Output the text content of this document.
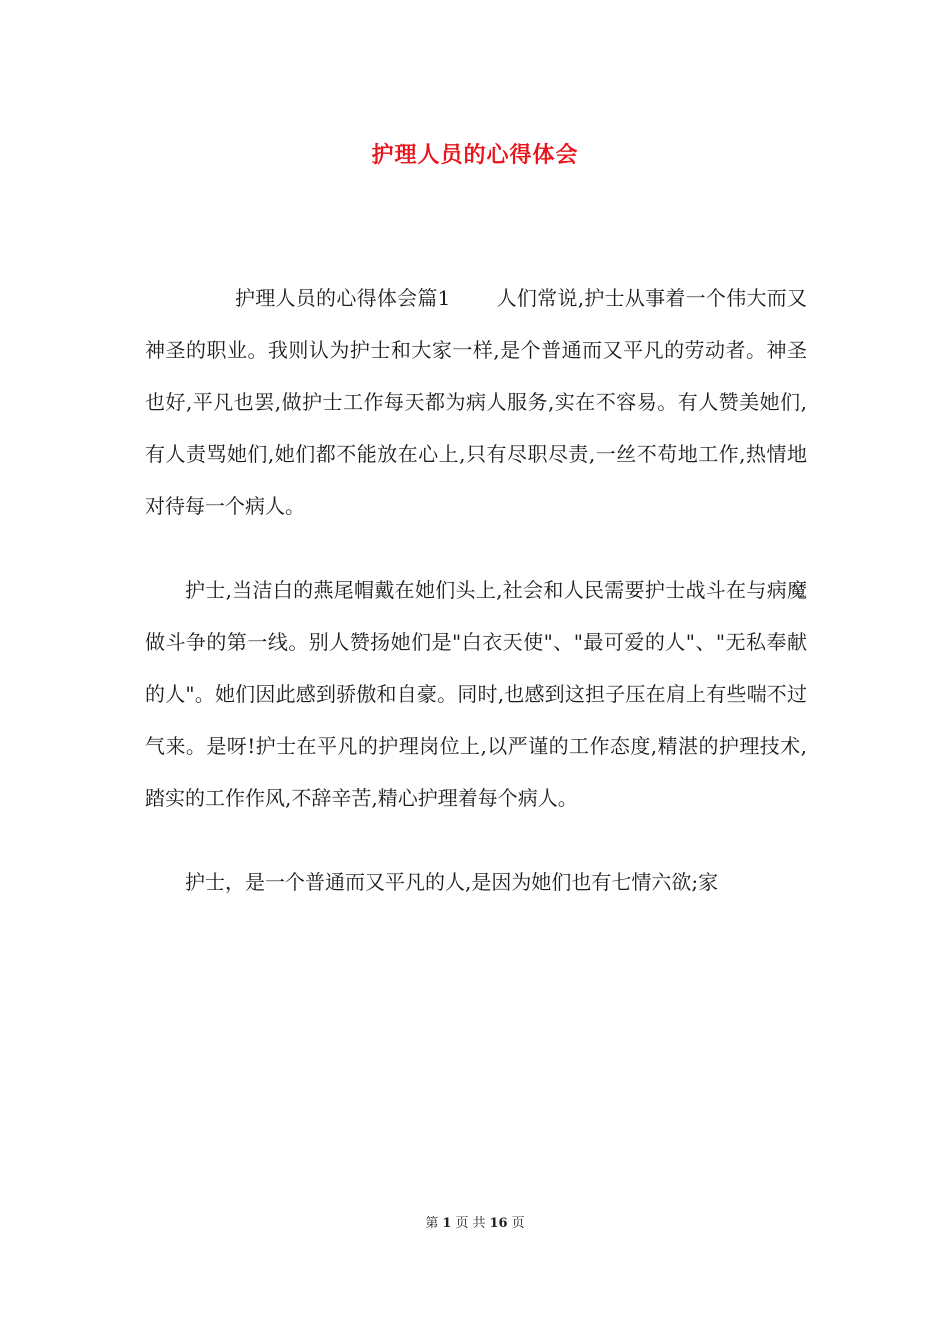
护理人员的心得体会

护理人员的心得体会篇1 人们常说,护士从事着一个伟大而又神圣的职业。我则认为护士和大家一样,是个普通而又平凡的劳动者。神圣也好,平凡也罢,做护士工作每天都为病人服务,实在不容易。有人赞美她们,有人责骂她们,她们都不能放在心上,只有尽职尽责,一丝不苟地工作,热情地对待每一个病人。

护士,当洁白的燕尾帽戴在她们头上,社会和人民需要护士战斗在与病魔做斗争的第一线。别人赞扬她们是"白衣天使"、"最可爱的人"、"无私奉献的人"。她们因此感到骄傲和自豪。同时,也感到这担子压在肩上有些喘不过气来。是呀!护士在平凡的护理岗位上,以严谨的工作态度,精湛的护理技术,踏实的工作作风,不辞辛苦,精心护理着每个病人。

护士，是一个普通而又平凡的人,是因为她们也有七情六欲;家

第 1 页 共 16 页
